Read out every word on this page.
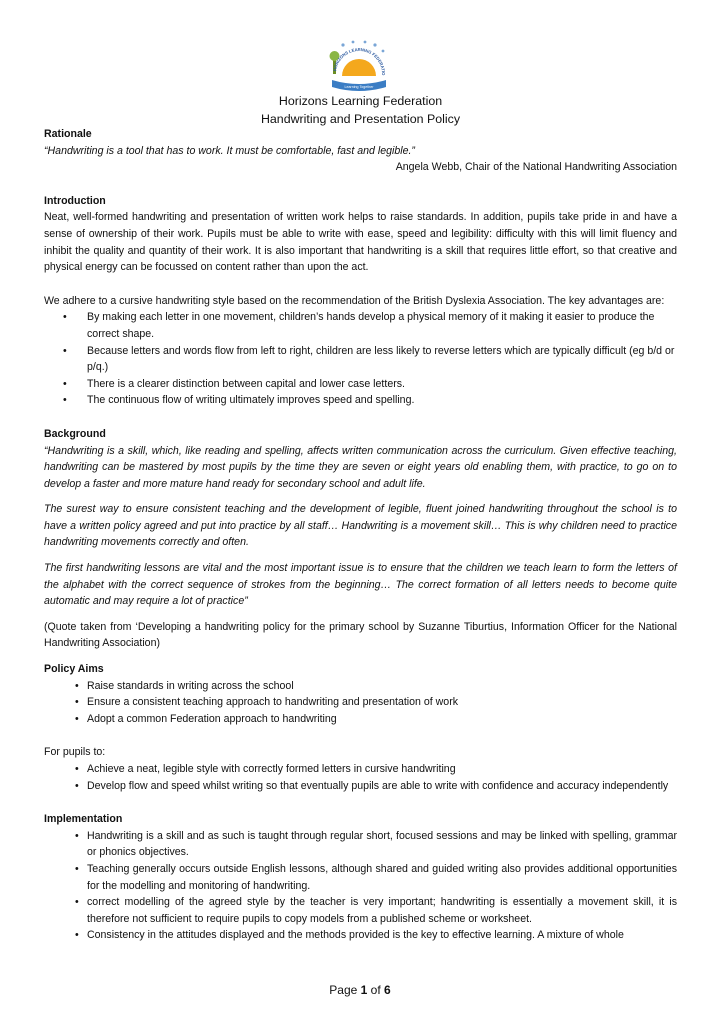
HORIZONS LEARNING FEDERATIO
Learning Together
Horizons Learning Federation
Handwriting and Presentation Policy

Rationale

“Handwriting is a tool that has to work. It must be comfortable, fast and legible.”

Angela Webb, Chair of the National Handwriting Association

Introduction

Neat, well-formed handwriting and presentation of written work helps to raise standards. In addition, pupils take pride in and have a sense of ownership of their work. Pupils must be able to write with ease, speed and legibility: difficulty with this will limit fluency and inhibit the quality and quantity of their work. It is also important that handwriting is a skill that requires little effort, so that creative and physical energy can be focussed on content rather than upon the act.

We adhere to a cursive handwriting style based on the recommendation of the British Dyslexia Association. The key advantages are:

• By making each letter in one movement, children’s hands develop a physical memory of it making it easier to produce the correct shape.
• Because letters and words flow from left to right, children are less likely to reverse letters which are typically difficult (eg b/d or p/q.)
• There is a clearer distinction between capital and lower case letters.
• The continuous flow of writing ultimately improves speed and spelling.

Background

“Handwriting is a skill, which, like reading and spelling, affects written communication across the curriculum. Given effective teaching, handwriting can be mastered by most pupils by the time they are seven or eight years old enabling them, with practice, to go on to develop a faster and more mature hand ready for secondary school and adult life.

The surest way to ensure consistent teaching and the development of legible, fluent joined handwriting throughout the school is to have a written policy agreed and put into practice by all staff… Handwriting is a movement skill… This is why children need to practice handwriting movements correctly and often.

The first handwriting lessons are vital and the most important issue is to ensure that the children we teach learn to form the letters of the alphabet with the correct sequence of strokes from the beginning… The correct formation of all letters needs to become quite automatic and may require a lot of practice”

(Quote taken from ‘Developing a handwriting policy for the primary school by Suzanne Tiburtius, Information Officer for the National Handwriting Association)

Policy Aims

• Raise standards in writing across the school
• Ensure a consistent teaching approach to handwriting and presentation of work
• Adopt a common Federation approach to handwriting

For pupils to:

• Achieve a neat, legible style with correctly formed letters in cursive handwriting
• Develop flow and speed whilst writing so that eventually pupils are able to write with confidence and accuracy independently

Implementation

• Handwriting is a skill and as such is taught through regular short, focused sessions and may be linked with spelling, grammar or phonics objectives.
• Teaching generally occurs outside English lessons, although shared and guided writing also provides additional opportunities for the modelling and monitoring of handwriting.
• correct modelling of the agreed style by the teacher is very important; handwriting is essentially a movement skill, it is therefore not sufficient to require pupils to copy models from a published scheme or worksheet.
• Consistency in the attitudes displayed and the methods provided is the key to effective learning. A mixture of whole
Page 1 of 6
